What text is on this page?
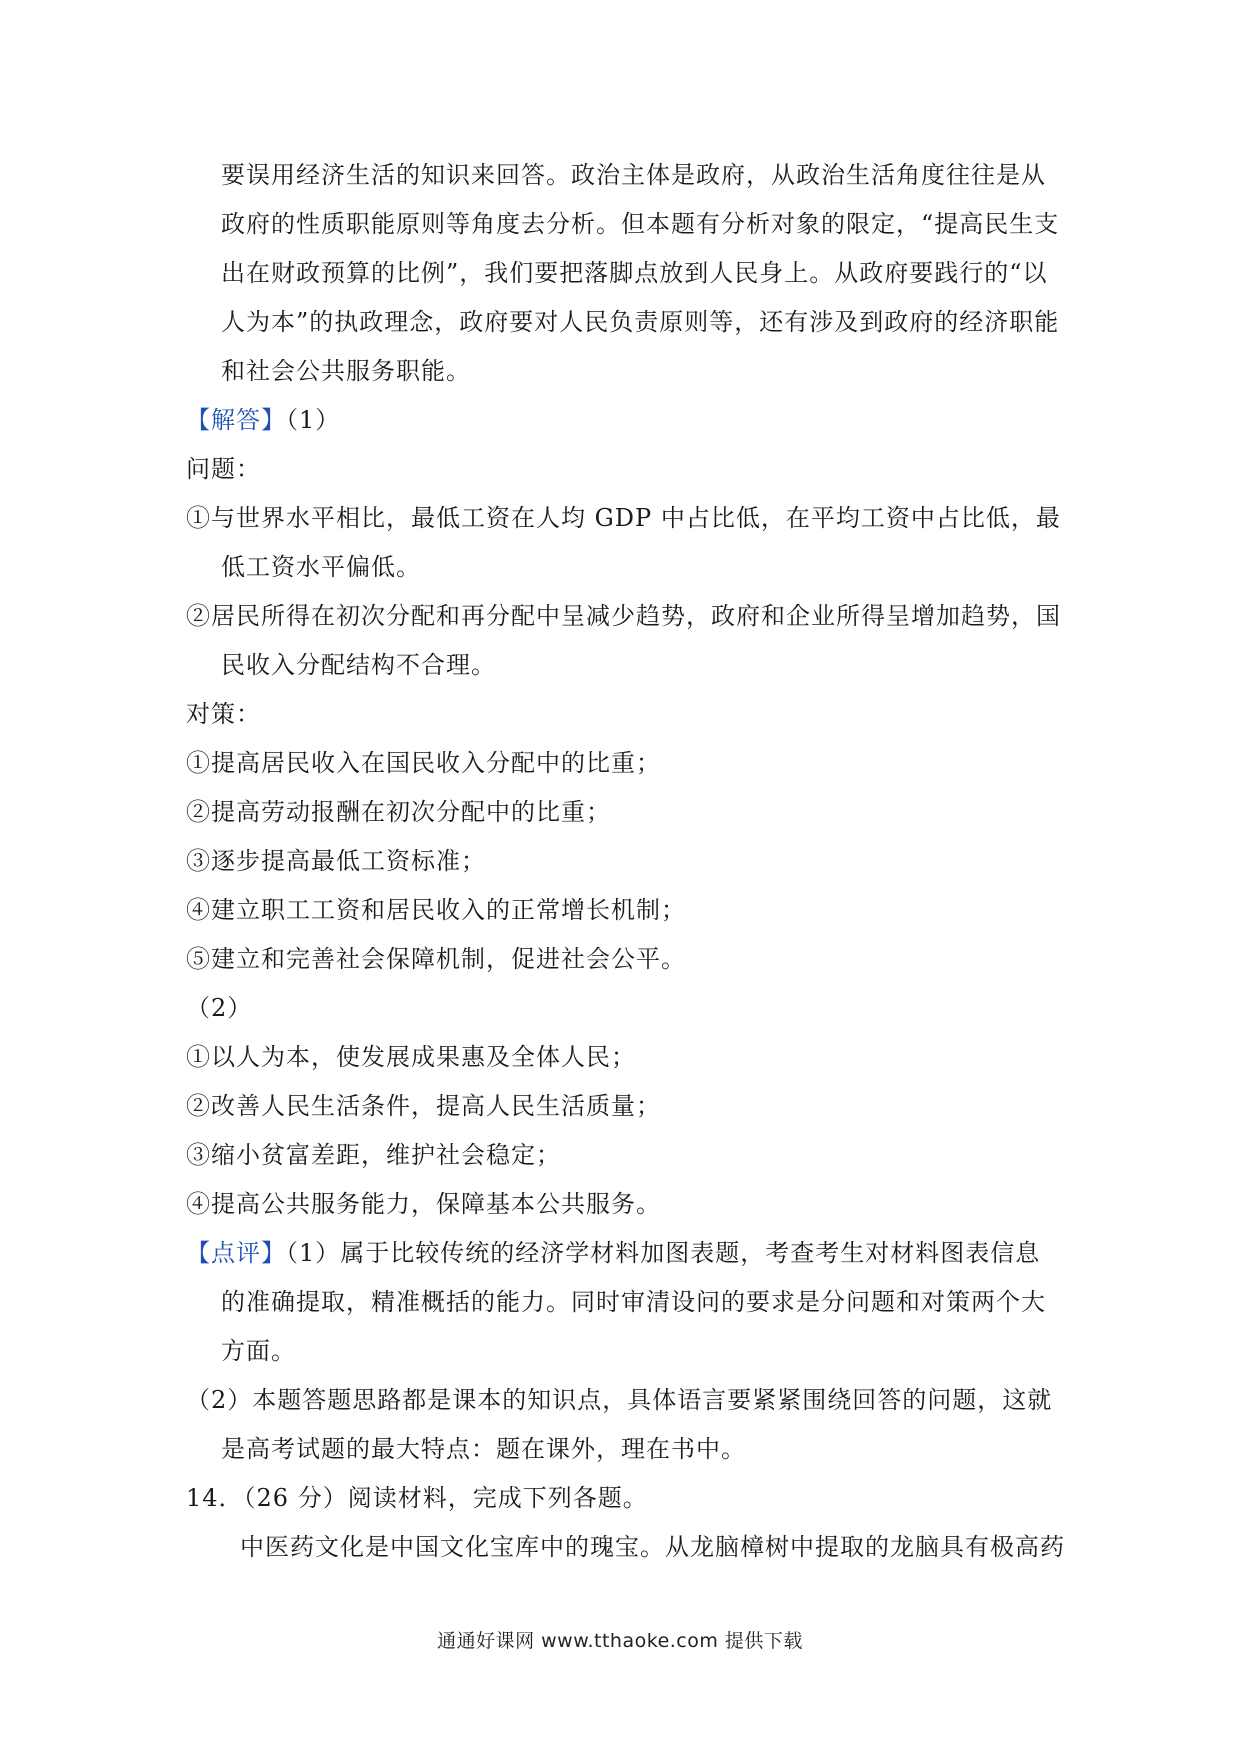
要误用经济生活的知识来回答。政治主体是政府，从政治生活角度往往是从
政府的性质职能原则等角度去分析。但本题有分析对象的限定，“提高民生支
出在财政预算的比例”，我们要把落脚点放到人民身上。从政府要践行的“以
人为本”的执政理念，政府要对人民负责原则等，还有涉及到政府的经济职能
和社会公共服务职能。
【解答】（1）
问题：
①与世界水平相比，最低工资在人均 GDP 中占比低，在平均工资中占比低，最
低工资水平偏低。
②居民所得在初次分配和再分配中呈减少趋势，政府和企业所得呈增加趋势，国
民收入分配结构不合理。
对策：
①提高居民收入在国民收入分配中的比重；
②提高劳动报酬在初次分配中的比重；
③逐步提高最低工资标准；
④建立职工工资和居民收入的正常增长机制；
⑤建立和完善社会保障机制，促进社会公平。
（2）
①以人为本，使发展成果惠及全体人民；
②改善人民生活条件，提高人民生活质量；
③缩小贫富差距，维护社会稳定；
④提高公共服务能力，保障基本公共服务。
【点评】（1）属于比较传统的经济学材料加图表题，考查考生对材料图表信息
的准确提取，精准概括的能力。同时审清设问的要求是分问题和对策两个大
方面。
（2）本题答题思路都是课本的知识点，具体语言要紧紧围绕回答的问题，这就
是高考试题的最大特点：题在课外，理在书中。
14．（26 分）阅读材料，完成下列各题。
中医药文化是中国文化宝库中的瑰宝。从龙脑樟树中提取的龙脑具有极高药
通通好课网 www.tthaoke.com 提供下载
